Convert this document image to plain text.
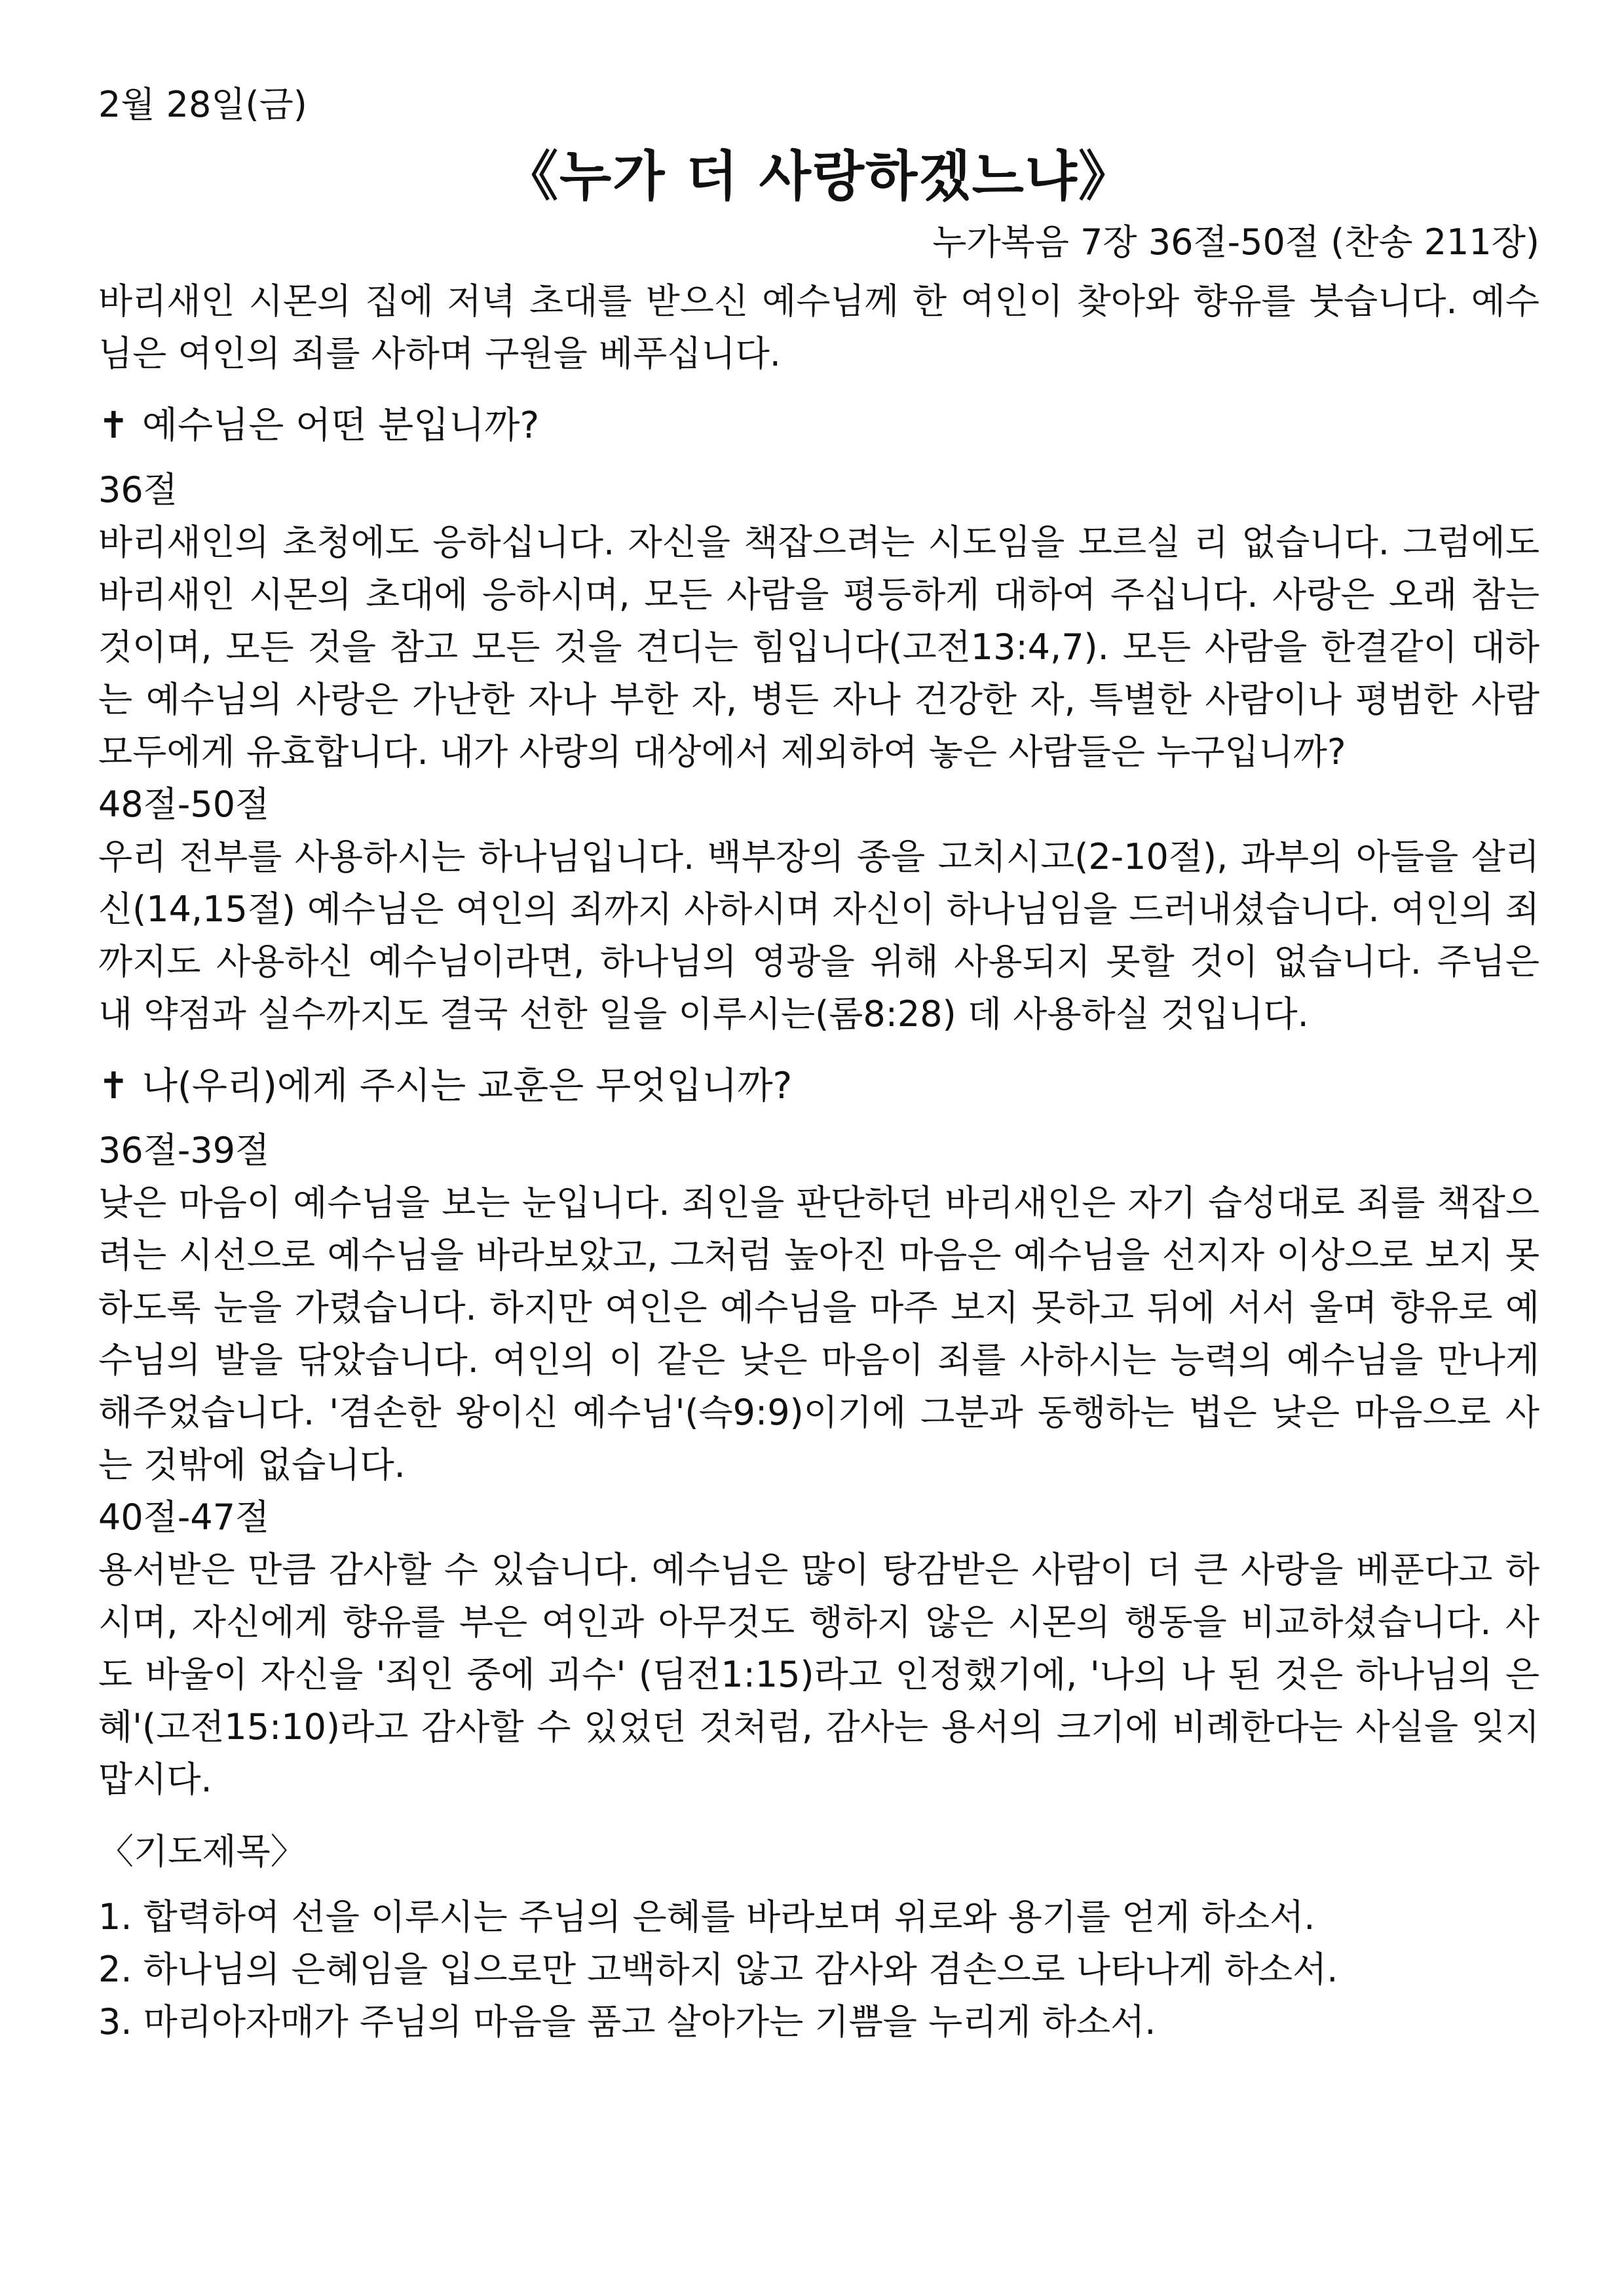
2월 28일(금)
《누가 더 사랑하겠느냐》
누가복음 7장 36절-50절 (찬송 211장)

바리새인 시몬의 집에 저녁 초대를 받으신 예수님께 한 여인이 찾아와 향유를 붓습니다. 예수님은 여인의 죄를 사하며 구원을 베푸십니다.

✝ 예수님은 어떤 분입니까?
36절

바리새인의 초청에도 응하십니다. 자신을 책잡으려는 시도임을 모르실 리 없습니다. 그럼에도 바리새인 시몬의 초대에 응하시며, 모든 사람을 평등하게 대하여 주십니다. 사랑은 오래 참는 것이며, 모든 것을 참고 모든 것을 견디는 힘입니다(고전13:4,7). 모든 사람을 한결같이 대하는 예수님의 사랑은 가난한 자나 부한 자, 병든 자나 건강한 자, 특별한 사람이나 평범한 사람 모두에게 유효합니다. 내가 사랑의 대상에서 제외하여 놓은 사람들은 누구입니까?

48절-50절

우리 전부를 사용하시는 하나님입니다. 백부장의 종을 고치시고(2-10절), 과부의 아들을 살리신(14,15절) 예수님은 여인의 죄까지 사하시며 자신이 하나님임을 드러내셨습니다. 여인의 죄까지도 사용하신 예수님이라면, 하나님의 영광을 위해 사용되지 못할 것이 없습니다. 주님은 내 약점과 실수까지도 결국 선한 일을 이루시는(롬8:28) 데 사용하실 것입니다.

✝ 나(우리)에게 주시는 교훈은 무엇입니까?
36절-39절

낮은 마음이 예수님을 보는 눈입니다. 죄인을 판단하던 바리새인은 자기 습성대로 죄를 책잡으려는 시선으로 예수님을 바라보았고, 그처럼 높아진 마음은 예수님을 선지자 이상으로 보지 못하도록 눈을 가렸습니다. 하지만 여인은 예수님을 마주 보지 못하고 뒤에 서서 울며 향유로 예수님의 발을 닦았습니다. 여인의 이 같은 낮은 마음이 죄를 사하시는 능력의 예수님을 만나게 해주었습니다. '겸손한 왕이신 예수님'(슥9:9)이기에 그분과 동행하는 법은 낮은 마음으로 사는 것밖에 없습니다.

40절-47절

용서받은 만큼 감사할 수 있습니다. 예수님은 많이 탕감받은 사람이 더 큰 사랑을 베푼다고 하시며, 자신에게 향유를 부은 여인과 아무것도 행하지 않은 시몬의 행동을 비교하셨습니다. 사도 바울이 자신을 '죄인 중에 괴수' (딤전1:15)라고 인정했기에, '나의 나 된 것은 하나님의 은혜'(고전15:10)라고 감사할 수 있었던 것처럼, 감사는 용서의 크기에 비례한다는 사실을 잊지 맙시다.

〈기도제목〉
1. 합력하여 선을 이루시는 주님의 은혜를 바라보며 위로와 용기를 얻게 하소서.
2. 하나님의 은혜임을 입으로만 고백하지 않고 감사와 겸손으로 나타나게 하소서.
3. 마리아자매가 주님의 마음을 품고 살아가는 기쁨을 누리게 하소서.
